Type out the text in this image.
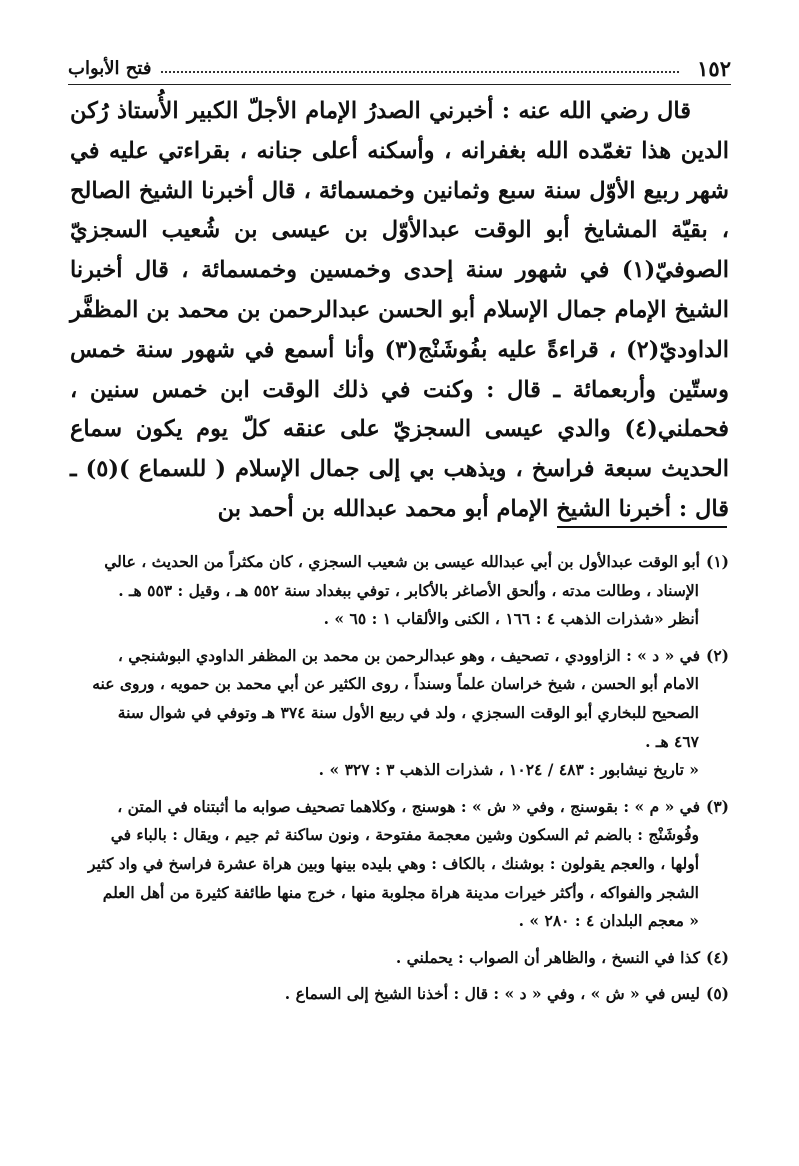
١٥٢
فتح الأبواب

قال رضي الله عنه : أخبرني الصدرُ الإمام الأجلّ الكبير الأُستاذ رُكن الدين هذا تغمّده الله بغفرانه ، وأسكنه أعلى جنانه ، بقراءتي عليه في شهر ربيع الأوّل سنة سبع وثمانين وخمسمائة ، قال أخبرنا الشيخ الصالح ، بقيّة المشايخ أبو الوقت عبدالأوّل بن عيسى بن شُعيب السجزيّ الصوفيّ(١) في شهور سنة إحدى وخمسين وخمسمائة ، قال أخبرنا الشيخ الإمام جمال الإسلام أبو الحسن عبدالرحمن بن محمد بن المظفَّر الداوديّ(٢) ، قراءةً عليه بفُوشَنْج(٣) وأنا أسمع في شهور سنة خمس وستّين وأربعمائة ـ قال : وكنت في ذلك الوقت ابن خمس سنين ، فحملني(٤) والدي عيسى السجزيّ على عنقه كلّ يوم يكون سماع الحديث سبعة فراسخ ، ويذهب بي إلى جمال الإسلام ( للسماع )(٥) ـ قال : أخبرنا الشيخ الإمام أبو محمد عبدالله بن أحمد بن

(١)أبو الوقت عبدالأول بن أبي عبدالله عيسى بن شعيب السجزي ، كان مكثراً من الحديث ، عالي
الإسناد ، وطالت مدته ، وألحق الأصاغر بالأكابر ، توفي ببغداد سنة ٥٥٢ هـ ، وقيل : ٥٥٣ هـ .
أنظر «شذرات الذهب ٤ : ١٦٦ ، الكنى والألقاب ١ : ٦٥ » .
(٢)في « د » : الزاوودي ، تصحيف ، وهو عبدالرحمن بن محمد بن المظفر الداودي البوشنجي ،
الامام أبو الحسن ، شيخ خراسان علماً وسنداً ، روى الكثير عن أبي محمد بن حمويه ، وروى عنه
الصحيح للبخاري أبو الوقت السجزي ، ولد في ربيع الأول سنة ٣٧٤ هـ وتوفي في شوال سنة
٤٦٧ هـ .
« تاريخ نيشابور : ٤٨٣ / ١٠٢٤ ، شذرات الذهب ٣ : ٣٢٧ » .
(٣)في « م » : بقوسنج ، وفي « ش » : هوسنج ، وكلاهما تصحيف صوابه ما أثبتناه في المتن ،
وفُوشَنْج : بالضم ثم السكون وشين معجمة مفتوحة ، ونون ساكنة ثم جيم ، ويقال : بالباء في
أولها ، والعجم يقولون : بوشنك ، بالكاف : وهي بليده بينها وبين هراة عشرة فراسخ في واد كثير
الشجر والفواكه ، وأكثر خيرات مدينة هراة مجلوبة منها ، خرج منها طائفة كثيرة من أهل العلم
« معجم البلدان ٤ : ٢٨٠ » .
(٤)كذا في النسخ ، والظاهر أن الصواب : يحملني .
(٥)ليس في « ش » ، وفي « د » : قال : أخذنا الشيخ إلى السماع .
